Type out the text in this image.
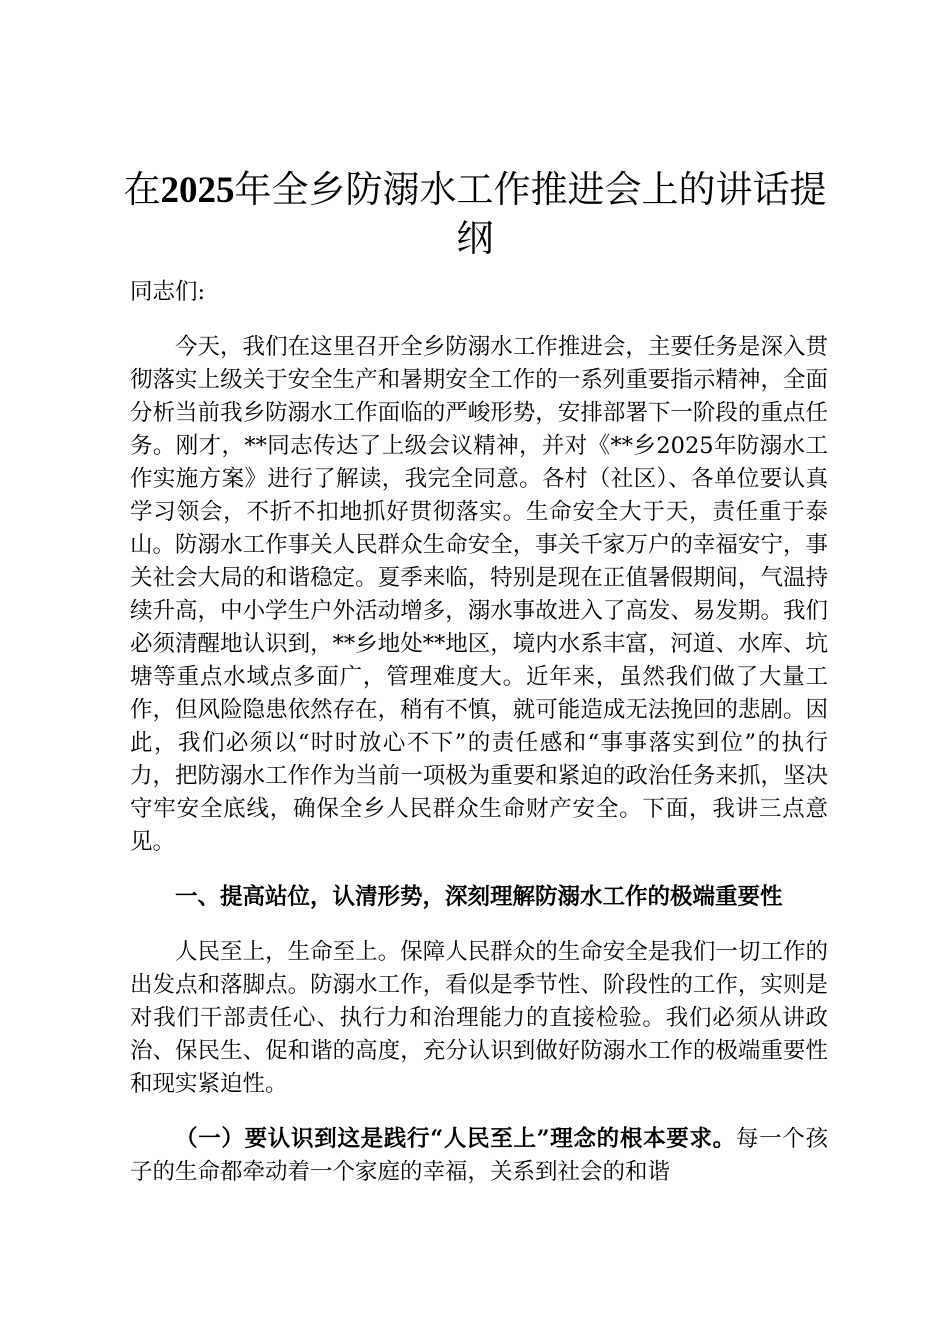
在2025年全乡防溺水工作推进会上的讲话提纲

同志们:

今天，我们在这里召开全乡防溺水工作推进会，主要任务是深入贯彻落实上级关于安全生产和暑期安全工作的一系列重要指示精神，全面分析当前我乡防溺水工作面临的严峻形势，安排部署下一阶段的重点任务。刚才，**同志传达了上级会议精神，并对《**乡2025年防溺水工作实施方案》进行了解读，我完全同意。各村（社区）、各单位要认真学习领会，不折不扣地抓好贯彻落实。生命安全大于天，责任重于泰山。防溺水工作事关人民群众生命安全，事关千家万户的幸福安宁，事关社会大局的和谐稳定。夏季来临，特别是现在正值暑假期间，气温持续升高，中小学生户外活动增多，溺水事故进入了高发、易发期。我们必须清醒地认识到，**乡地处**地区，境内水系丰富，河道、水库、坑塘等重点水域点多面广，管理难度大。近年来，虽然我们做了大量工作，但风险隐患依然存在，稍有不慎，就可能造成无法挽回的悲剧。因此，我们必须以“时时放心不下”的责任感和“事事落实到位”的执行力，把防溺水工作作为当前一项极为重要和紧迫的政治任务来抓，坚决守牢安全底线，确保全乡人民群众生命财产安全。下面，我讲三点意见。

一、提高站位，认清形势，深刻理解防溺水工作的极端重要性

人民至上，生命至上。保障人民群众的生命安全是我们一切工作的出发点和落脚点。防溺水工作，看似是季节性、阶段性的工作，实则是对我们干部责任心、执行力和治理能力的直接检验。我们必须从讲政治、保民生、促和谐的高度，充分认识到做好防溺水工作的极端重要性和现实紧迫性。

（一）要认识到这是践行“人民至上”理念的根本要求。每一个孩子的生命都牵动着一个家庭的幸福，关系到社会的和谐
